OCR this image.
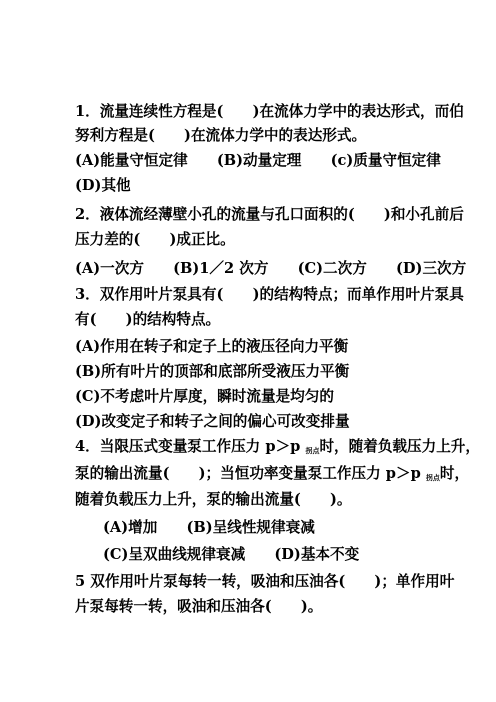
1．流量连续性方程是(　　)在流体力学中的表达形式，而伯
努利方程是(　　)在流体力学中的表达形式。
(A)能量守恒定律　　(B)动量定理　　(c)质量守恒定律
(D)其他
2．液体流经薄壁小孔的流量与孔口面积的(　　)和小孔前后
压力差的(　　)成正比。
(A)一次方　　(B)1／2 次方　　(C)二次方　　(D)三次方
3．双作用叶片泵具有(　　)的结构特点；而单作用叶片泵具
有(　　)的结构特点。
(A)作用在转子和定子上的液压径向力平衡
(B)所有叶片的顶部和底部所受液压力平衡
(C)不考虑叶片厚度，瞬时流量是均匀的
(D)改变定子和转子之间的偏心可改变排量
4．当限压式变量泵工作压力 p＞p $_{拐点}$时，随着负载压力上升，
泵的输出流量(　　)；当恒功率变量泵工作压力 p＞p 拐点时，
随着负载压力上升，泵的输出流量(　　)。
(A)增加　　(B)呈线性规律衰减
(C)呈双曲线规律衰减　　(D)基本不变
5 双作用叶片泵每转一转，吸油和压油各(　　)；单作用叶
片泵每转一转，吸油和压油各(　　)。
